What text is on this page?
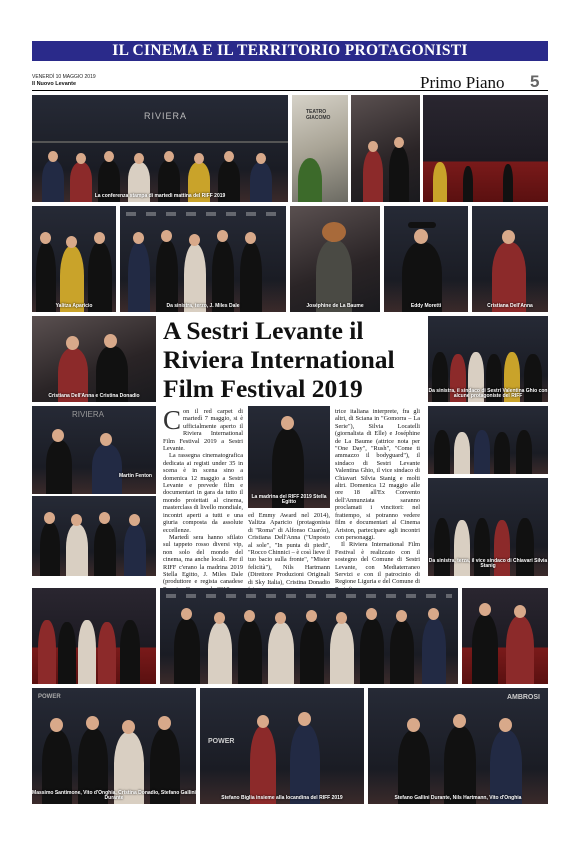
IL CINEMA E IL TERRITORIO PROTAGONISTI
VENERDÌ 10 MAGGIO 2019
Il Nuovo Levante	Primo Piano 5
RIVIERA
La conferenza stampa di martedì mattina del RIFF 2019
TEATRO GIACOMO
Yalitza Aparicio	Da sinistra, terzo, J. Miles Dale	Joséphine de La Baume	Eddy Moretti	Cristiana Dell'Anna
Cristiana Dell'Anna e Cristina Donadio
A Sestri Levante il Riviera International Film Festival 2019	Da sinistra, il sindaco di Sestri Valentina Ghio con alcune protagoniste del RIFF
RIVIERA
Martin Fenton
C on il red carpet di martedì 7 maggio, si è ufficialmente aperto il Riviera International Film Festival 2019 a Sestri Levante.

La rassegna cinematografica dedicata ai registi under 35 in scena è in scena sino a domenica 12 maggio a Sestri Levante e prevede film e documentari in gara da tutto il mondo proiettati al cinema, masterclass di livello mondiale, incontri aperti a tutti e una giuria composta da assolute eccellenze.

Martedì sera hanno sfilato sul tappeto rosso diversi vip, non solo del mondo del cinema, ma anche locali. Per il RIFF c'erano la madrina 2019 Stella Egitto, J. Miles Dale (produttore e regista canadese

La madrina del RIFF 2019 Stella Egitto

ed Emmy Award nel 2014), Yalitza Aparicio (protagonista di "Roma" di Alfonso Cuarón), Cristiana Dell'Anna ("Unposto al sole", "In punta di piedi", "Rocco Chinnici – è così lieve il tuo bacio sulla fronte", "Mister felicità"), Nils Hartmann (Direttore Produzioni Originali di Sky Italia), Cristina Donadio

trice italiana interprete, fra gli altri, di Sciana in "Gomorra – La Serie"), Silvia Locatelli (giornalista di Elle) e Joséphine de La Baume (attrice nota per "One Day", "Rush", "Come ti ammazzo il bodyguard"), il sindaco di Sestri Levante Valentina Ghio, il vice sindaco di Chiavari Silvia Stanig e molti altri. Domenica 12 maggio alle ore 18 all'Ex Convento dell'Annunziata saranno proclamati i vincitori: nel frattempo, si potranno vedere film e documentari al Cinema Ariston, partecipare agli incontri con personaggi.

Il Riviera International Film Festival è realizzato con il sostegno del Comune di Sestri Levante, con Mediaterraneo Servizi e con il patrocinio di Regione Liguria e del Comune di

Da sinistra, terza, il vice sindaco di Chiavari Silvia Stanig
POWER
Massimo Santimone, Vito d'Onghia, Cristina Donadio, Stefano Gallini Durante
POWER
Stefano Biglia insieme alla locandina del RIFF 2019
AMBROSI
Stefano Gallini Durante, Nils Hartmann, Vito d'Onghia
